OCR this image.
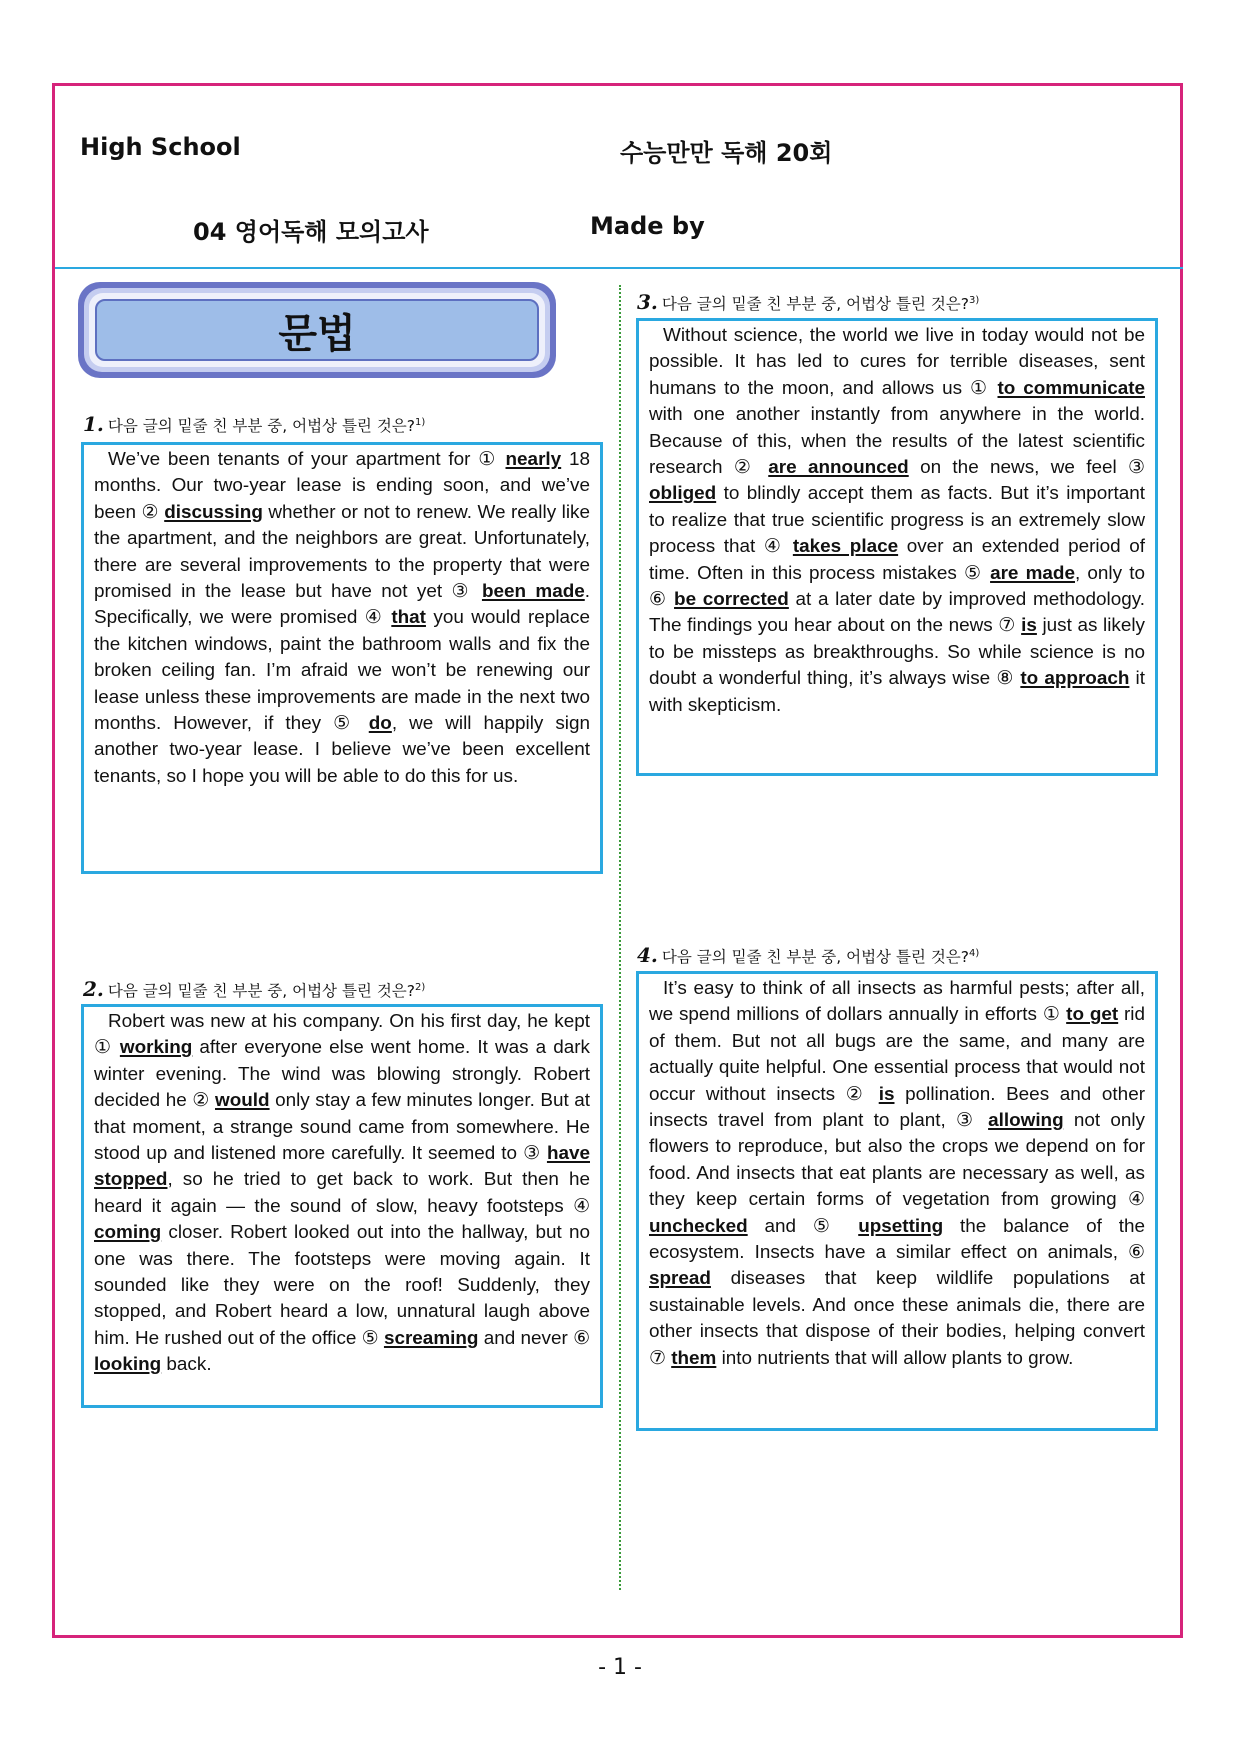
High School	수능만만 독해 20회
04 영어독해 모의고사	Made by
문법
1. 다음 글의 밑줄 친 부분 중, 어법상 틀린 것은?$^{1)}$

We’ve been tenants of your apartment for ① nearly 18 months. Our two-year lease is ending soon, and we’ve been ② discussing whether or not to renew. We really like the apartment, and the neighbors are great. Unfortunately, there are several improvements to the property that were promised in the lease but have not yet ③ been made. Specifically, we were promised ④ that you would replace the kitchen windows, paint the bathroom walls and fix the broken ceiling fan. I’m afraid we won’t be renewing our lease unless these improvements are made in the next two months. However, if they ⑤ do, we will happily sign another two-year lease. I believe we’ve been excellent tenants, so I hope you will be able to do this for us.

2. 다음 글의 밑줄 친 부분 중, 어법상 틀린 것은?$^{2)}$

Robert was new at his company. On his first day, he kept ① working after everyone else went home. It was a dark winter evening. The wind was blowing strongly. Robert decided he ② would only stay a few minutes longer. But at that moment, a strange sound came from somewhere. He stood up and listened more carefully. It seemed to ③ have stopped, so he tried to get back to work. But then he heard it again — the sound of slow, heavy footsteps ④ coming closer. Robert looked out into the hallway, but no one was there. The footsteps were moving again. It sounded like they were on the roof! Suddenly, they stopped, and Robert heard a low, unnatural laugh above him. He rushed out of the office ⑤ screaming and never ⑥ looking back.

3. 다음 글의 밑줄 친 부분 중, 어법상 틀린 것은?$^{3)}$

Without science, the world we live in today would not be possible. It has led to cures for terrible diseases, sent humans to the moon, and allows us ① to communicate with one another instantly from anywhere in the world. Because of this, when the results of the latest scientific research ② are announced on the news, we feel ③ obliged to blindly accept them as facts. But it’s important to realize that true scientific progress is an extremely slow process that ④ takes place over an extended period of time. Often in this process mistakes ⑤ are made, only to ⑥ be corrected at a later date by improved methodology. The findings you hear about on the news ⑦ is just as likely to be missteps as breakthroughs. So while science is no doubt a wonderful thing, it’s always wise ⑧ to approach it with skepticism.

4. 다음 글의 밑줄 친 부분 중, 어법상 틀린 것은?$^{4)}$

It’s easy to think of all insects as harmful pests; after all, we spend millions of dollars annually in efforts ① to get rid of them. But not all bugs are the same, and many are actually quite helpful. One essential process that would not occur without insects ② is pollination. Bees and other insects travel from plant to plant, ③ allowing not only flowers to reproduce, but also the crops we depend on for food. And insects that eat plants are necessary as well, as they keep certain forms of vegetation from growing ④ unchecked and ⑤ upsetting the balance of the ecosystem. Insects have a similar effect on animals, ⑥ spread diseases that keep wildlife populations at sustainable levels. And once these animals die, there are other insects that dispose of their bodies, helping convert ⑦ them into nutrients that will allow plants to grow.

- 1 -
